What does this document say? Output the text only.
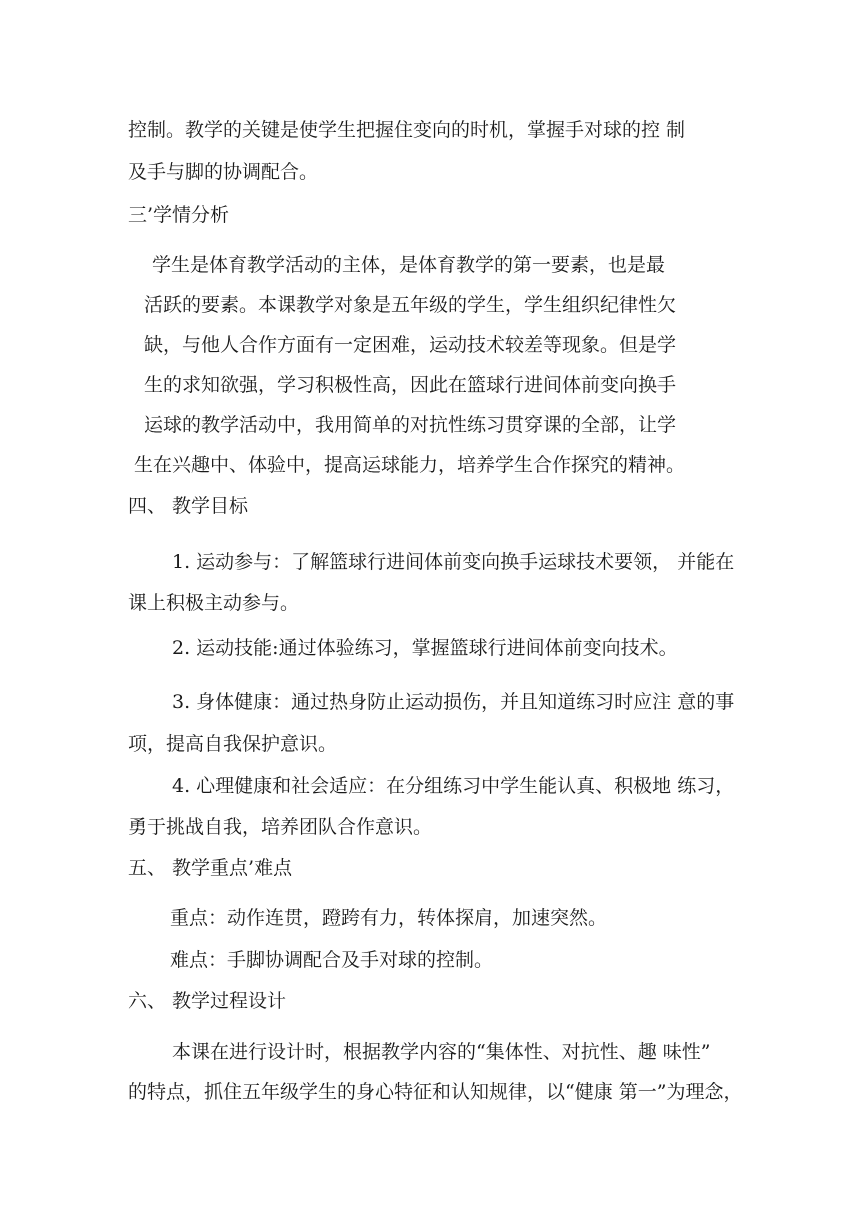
控制。教学的关键是使学生把握住变向的时机，掌握手对球的控 制
及手与脚的协调配合。
三’学情分析
学生是体育教学活动的主体，是体育教学的第一要素，也是最
活跃的要素。本课教学对象是五年级的学生，学生组织纪律性欠
缺，与他人合作方面有一定困难，运动技术较差等现象。但是学
生的求知欲强，学习积极性高，因此在篮球行进间体前变向换手
运球的教学活动中，我用简单的对抗性练习贯穿课的全部，让学
生在兴趣中、体验中，提高运球能力，培养学生合作探究的精神。
四、 教学目标
1. 运动参与：了解篮球行进间体前变向换手运球技术要领， 并能在
课上积极主动参与。
2. 运动技能:通过体验练习，掌握篮球行进间体前变向技术。
3. 身体健康：通过热身防止运动损伤，并且知道练习时应注 意的事
项，提高自我保护意识。
4. 心理健康和社会适应：在分组练习中学生能认真、积极地 练习，
勇于挑战自我，培养团队合作意识。
五、 教学重点’难点
重点：动作连贯，蹬跨有力，转体探肩，加速突然。
难点：手脚协调配合及手对球的控制。
六、 教学过程设计
本课在进行设计时，根据教学内容的“集体性、对抗性、趣 味性”
的特点，抓住五年级学生的身心特征和认知规律，以“健康 第一”为理念，
